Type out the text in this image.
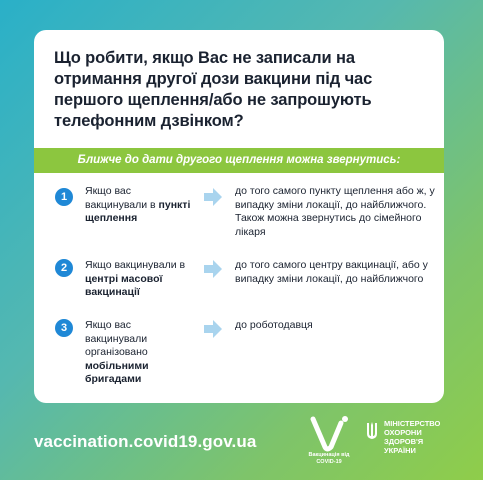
Що робити, якщо Вас не записали на отримання другої дози вакцини під час першого щеплення/або не запрошують телефонним дзвінком?
Ближче до дати другого щеплення можна звернутись:
1	Якщо вас вакцинували в пункті щеплення
до того самого пункту щеплення або ж, у випадку зміни локації, до найближчого. Також можна звернутись до сімейного лікаря
2	Якщо вакцинували в центрі масової вакцинації
до того самого центру вакцинації, або у випадку зміни локації, до найближчого
3	Якщо вас вакцинували організовано мобільними бригадами
до роботодавця
vaccination.covid19.gov.ua
Вакцинація від COVID-19
МІНІСТЕРСТВО ОХОРОНИ ЗДОРОВ'Я УКРАЇНИ
